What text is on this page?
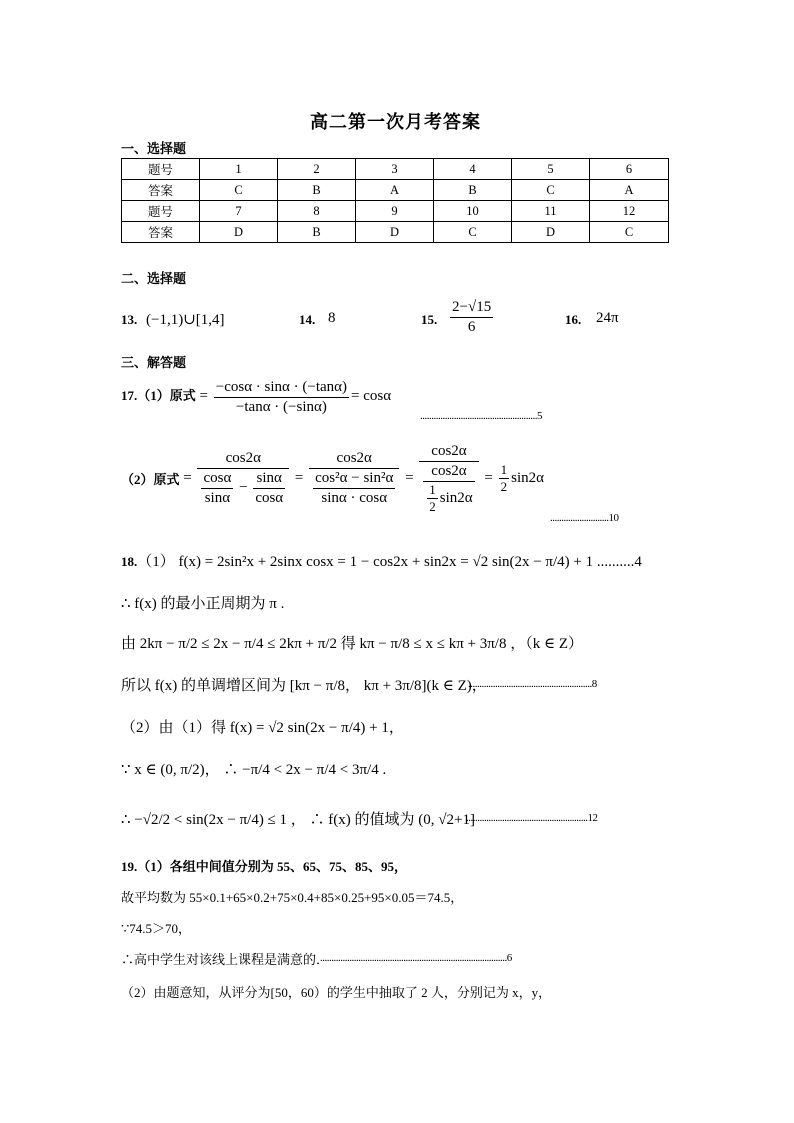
高二第一次月考答案
一、选择题
题号	1	2	3	4	5	6
答案	C	B	A	B	C	A
题号	7	8	9	10	11	12
答案	D	B	D	C	D	C
二、选择题
13. (−1,1)∪[1,4]	14. 8	15. $\frac{2-√15}{6}$	16. 24π
三、解答题
17.（1）原式 = $\frac{-\cos\alpha \cdot \sin\alpha \cdot (-\tan\alpha)}{-\tan\alpha \cdot (-\sin\alpha)} = \cos\alpha$
....................................................5
（2）原式 = $\frac{\cos 2\alpha}{\frac{\cos\alpha}{\sin\alpha} - \frac{\sin\alpha}{\cos\alpha}} = \frac{\cos 2\alpha}{\frac{\text{cos²α − sin²α}}{\sin\alpha \cdot \cos\alpha}} = \frac{\cos 2\alpha}{\frac{\cos 2\alpha}{\frac{1}{2} \sin 2\alpha}} = \frac{1}{2} \sin 2\alpha$
..........................10
18.（1） f(x) = 2sin²x + 2sinx cosx = 1 − cos2x + sin2x = √2 sin(2x − π/4) + 1 ..........4
∴ f(x) 的最小正周期为 π .
由 2kπ − π/2 ≤ 2x − π/4 ≤ 2kπ + π/2 得 kπ − π/8 ≤ x ≤ kπ + 3π/8 ，（k ∈ Z）
所以 f(x) 的单调增区间为 [kπ − π/8， kπ + 3π/8](k ∈ Z)，
.......................................................8
（2）由（1）得 f(x) = √2 sin(2x − π/4) + 1，
∵ x ∈ (0, π/2)， ∴ −π/4 < 2x − π/4 < 3π/4 .
∴ −√2/2 < sin(2x − π/4) ≤ 1 ， ∴ f(x) 的值域为 (0, √2+1]
......................................................12
19.（1）各组中间值分别为 55、65、75、85、95，
故平均数为 55×0.1+65×0.2+75×0.4+85×0.25+95×0.05＝74.5，
∵74.5＞70，
∴高中学生对该线上课程是满意的．
...................................................................................6
（2）由题意知，从评分为[50，60）的学生中抽取了 2 人，分别记为 x，y，
